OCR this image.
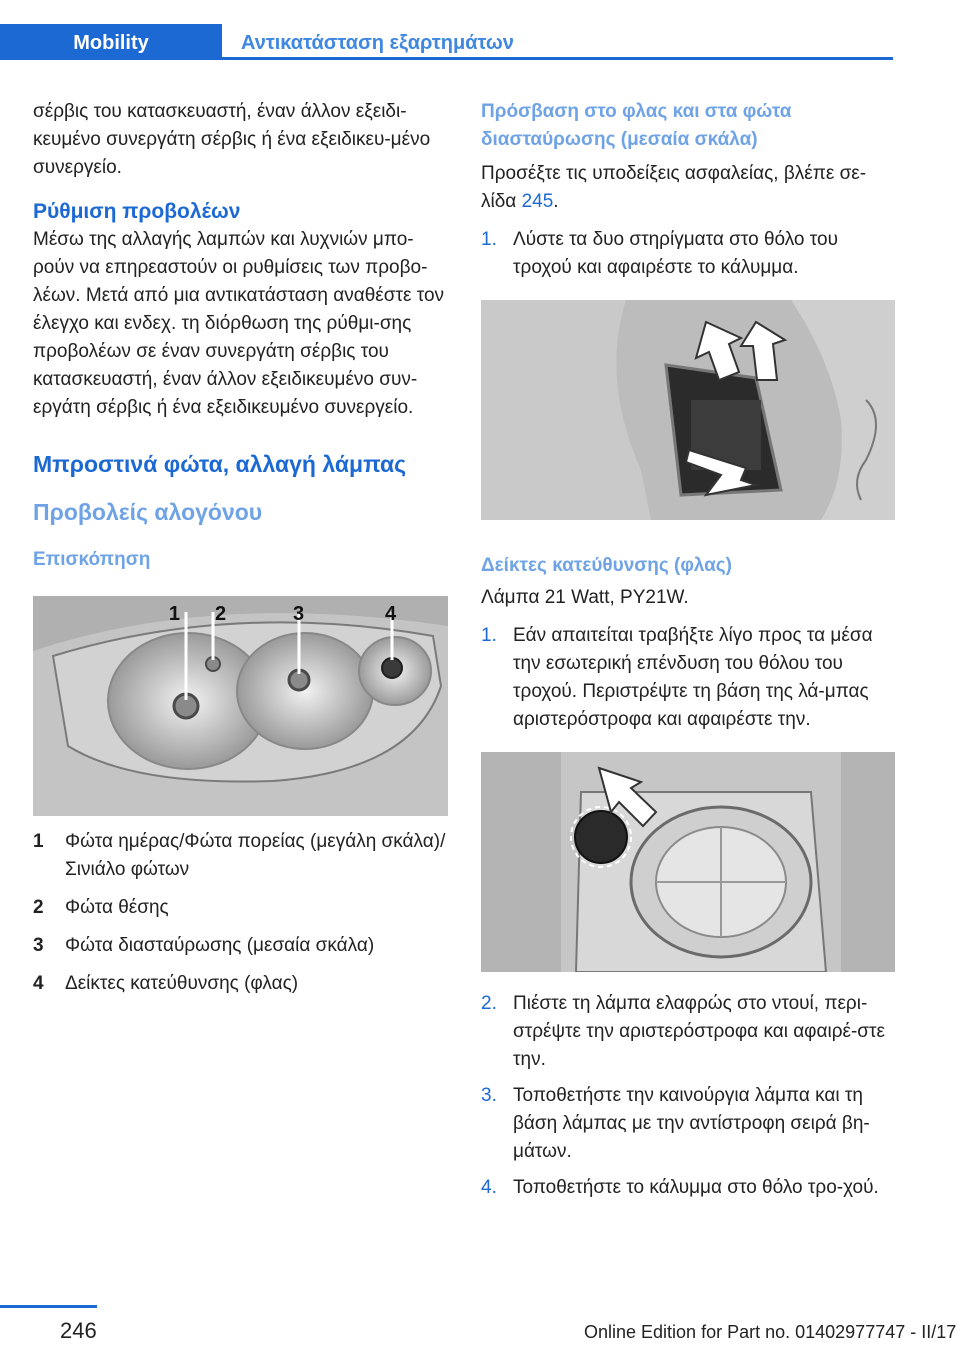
Mobility	Αντικατάσταση εξαρτημάτων

σέρβις του κατασκευαστή, έναν άλλον εξειδι-κευμένο συνεργάτη σέρβις ή ένα εξειδικευ-μένο συνεργείο.

Ρύθμιση προβολέων

Μέσω της αλλαγής λαμπών και λυχνιών μπο-ρούν να επηρεαστούν οι ρυθμίσεις των προβο-λέων. Μετά από μια αντικατάσταση αναθέστε τον έλεγχο και ενδεχ. τη διόρθωση της ρύθμι-σης προβολέων σε έναν συνεργάτη σέρβις του κατασκευαστή, έναν άλλον εξειδικευμένο συν-εργάτη σέρβις ή ένα εξειδικευμένο συνεργείο.

Μπροστινά φώτα, αλλαγή λάμπας

Προβολείς αλογόνου

Επισκόπηση

1 2	3	4
1 Φώτα ημέρας/Φώτα πορείας (μεγάλη σκάλα)/Σινιάλο φώτων
2 Φώτα θέσης
3 Φώτα διασταύρωσης (μεσαία σκάλα)
4 Δείκτες κατεύθυνσης (φλας)

Πρόσβαση στο φλας και στα φώτα διασταύρωσης (μεσαία σκάλα)

Προσέξτε τις υποδείξεις ασφαλείας, βλέπε σε-λίδα 245.

1. Λύστε τα δυο στηρίγματα στο θόλο του τροχού και αφαιρέστε το κάλυμμα.

Δείκτες κατεύθυνσης (φλας)

Λάμπα 21 Watt, PY21W.

1. Εάν απαιτείται τραβήξτε λίγο προς τα μέσα την εσωτερική επένδυση του θόλου του τροχού. Περιστρέψτε τη βάση της λά-μπας αριστερόστροφα και αφαιρέστε την.
2. Πιέστε τη λάμπα ελαφρώς στο ντουί, περι-στρέψτε την αριστερόστροφα και αφαιρέ-στε την.
3. Τοποθετήστε την καινούργια λάμπα και τη βάση λάμπας με την αντίστροφη σειρά βη-μάτων.
4. Τοποθετήστε το κάλυμμα στο θόλο τρο-χού.
246	Online Edition for Part no. 01402977747 - II/17
